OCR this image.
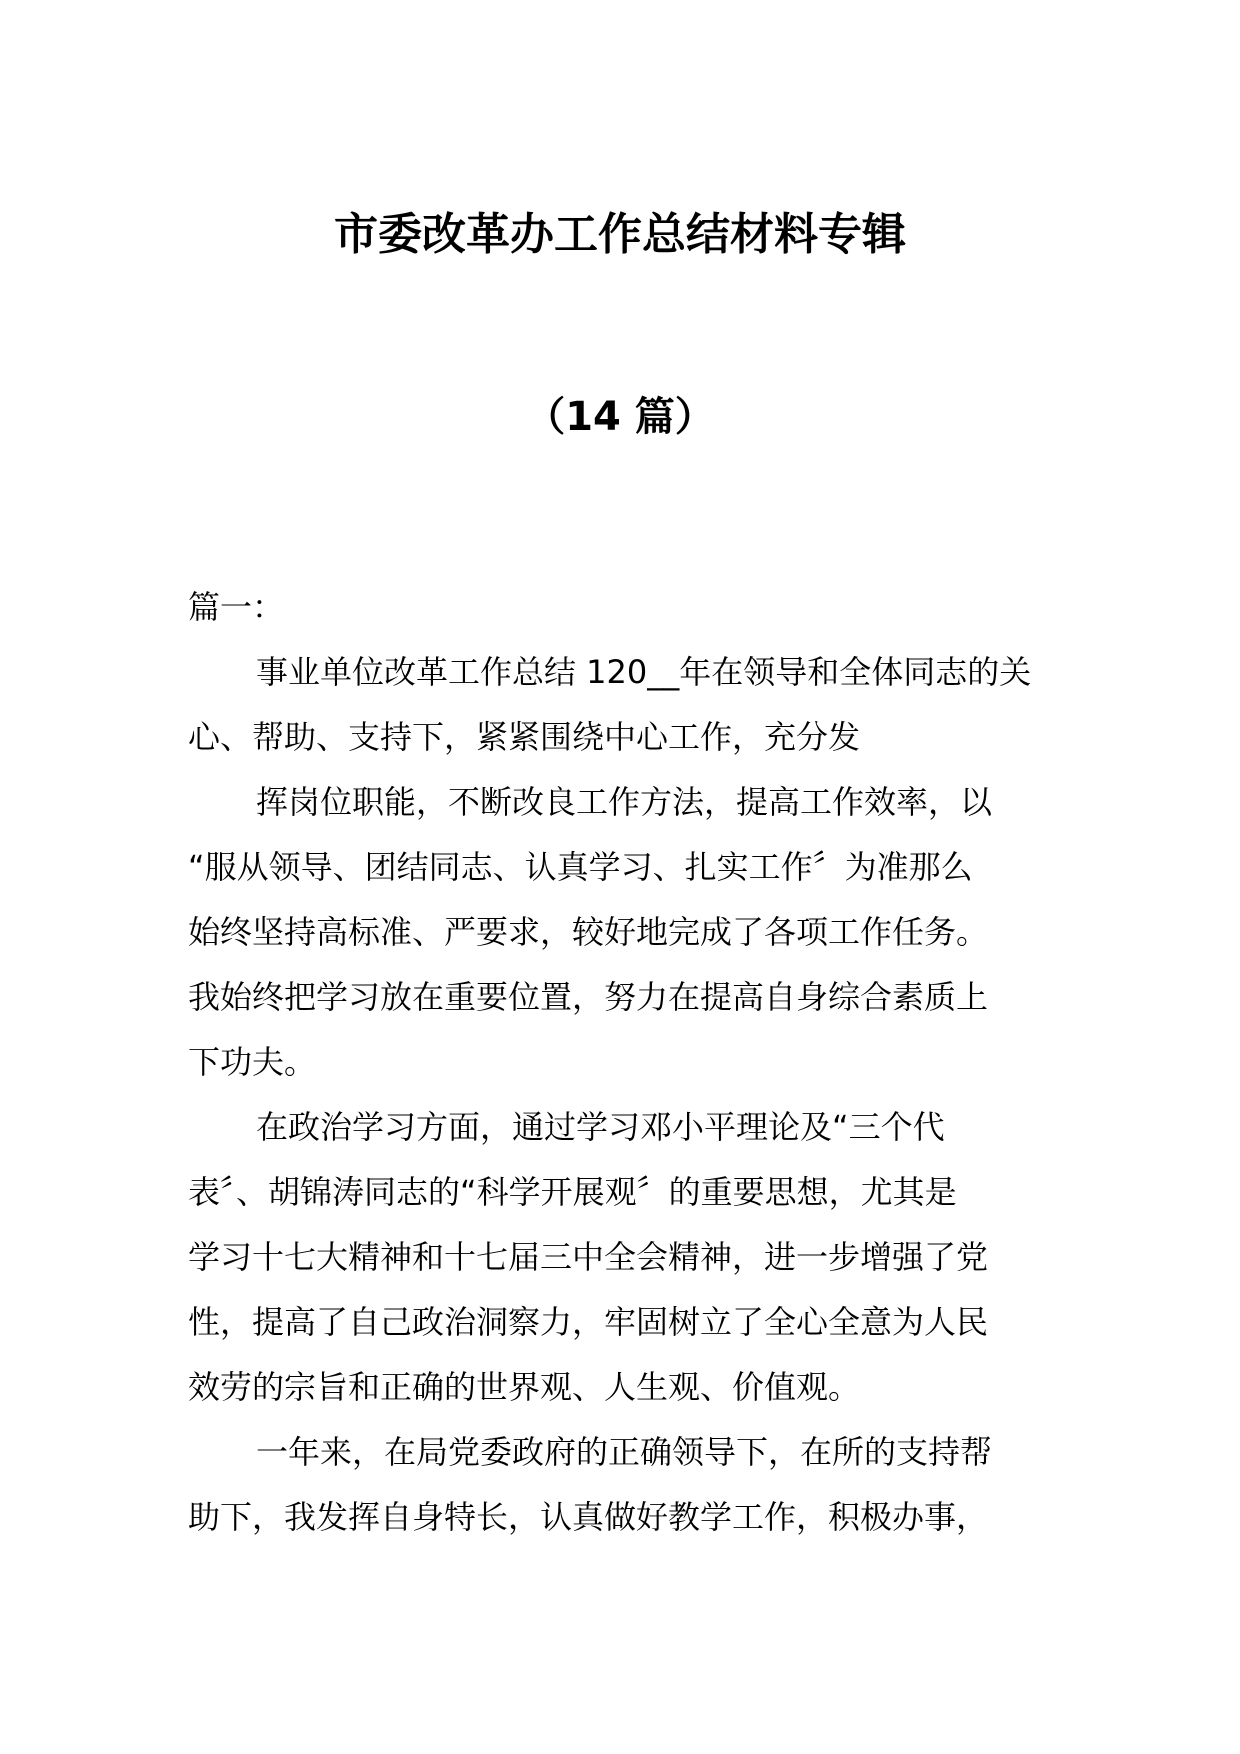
市委改革办工作总结材料专辑
（14 篇）
篇一：
事业单位改革工作总结 120__年在领导和全体同志的关
心、帮助、支持下，紧紧围绕中心工作，充分发
挥岗位职能，不断改良工作方法，提高工作效率，以
“服从领导、团结同志、认真学习、扎实工作〞为准那么
始终坚持高标准、严要求，较好地完成了各项工作任务。
我始终把学习放在重要位置，努力在提高自身综合素质上
下功夫。
在政治学习方面，通过学习邓小平理论及“三个代
表〞、胡锦涛同志的“科学开展观〞的重要思想，尤其是
学习十七大精神和十七届三中全会精神，进一步增强了党
性，提高了自己政治洞察力，牢固树立了全心全意为人民
效劳的宗旨和正确的世界观、人生观、价值观。
一年来，在局党委政府的正确领导下，在所的支持帮
助下，我发挥自身特长，认真做好教学工作，积极办事，
